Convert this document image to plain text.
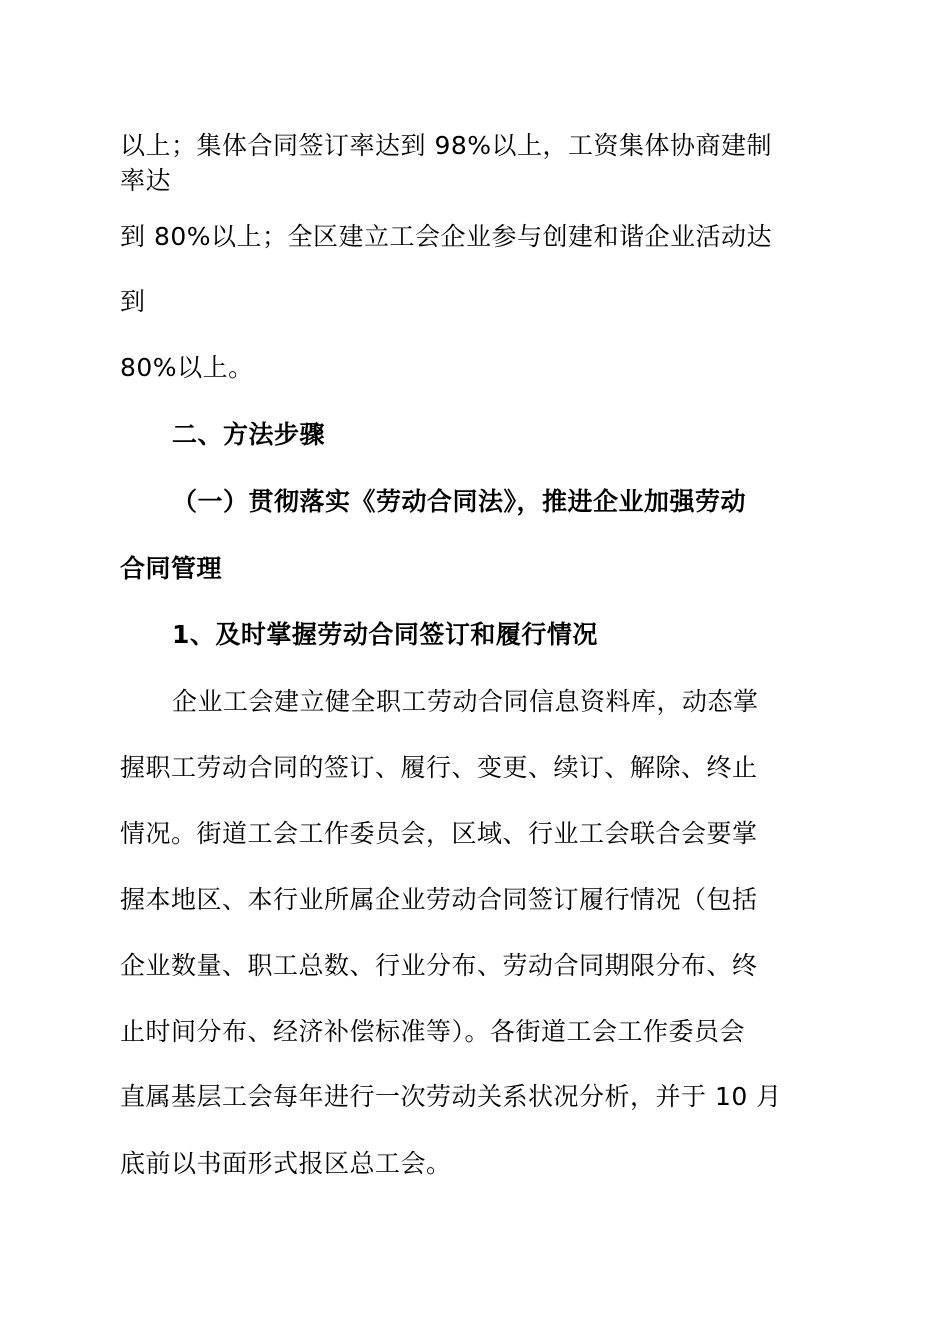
以上；集体合同签订率达到 98%以上，工资集体协商建制
率达
到 80%以上；全区建立工会企业参与创建和谐企业活动达
到
80%以上。
二、方法步骤
（一）贯彻落实《劳动合同法》，推进企业加强劳动
合同管理
1、及时掌握劳动合同签订和履行情况
企业工会建立健全职工劳动合同信息资料库，动态掌
握职工劳动合同的签订、履行、变更、续订、解除、终止
情况。街道工会工作委员会，区域、行业工会联合会要掌
握本地区、本行业所属企业劳动合同签订履行情况（包括
企业数量、职工总数、行业分布、劳动合同期限分布、终
止时间分布、经济补偿标准等）。各街道工会工作委员会
直属基层工会每年进行一次劳动关系状况分析，并于 10 月
底前以书面形式报区总工会。
